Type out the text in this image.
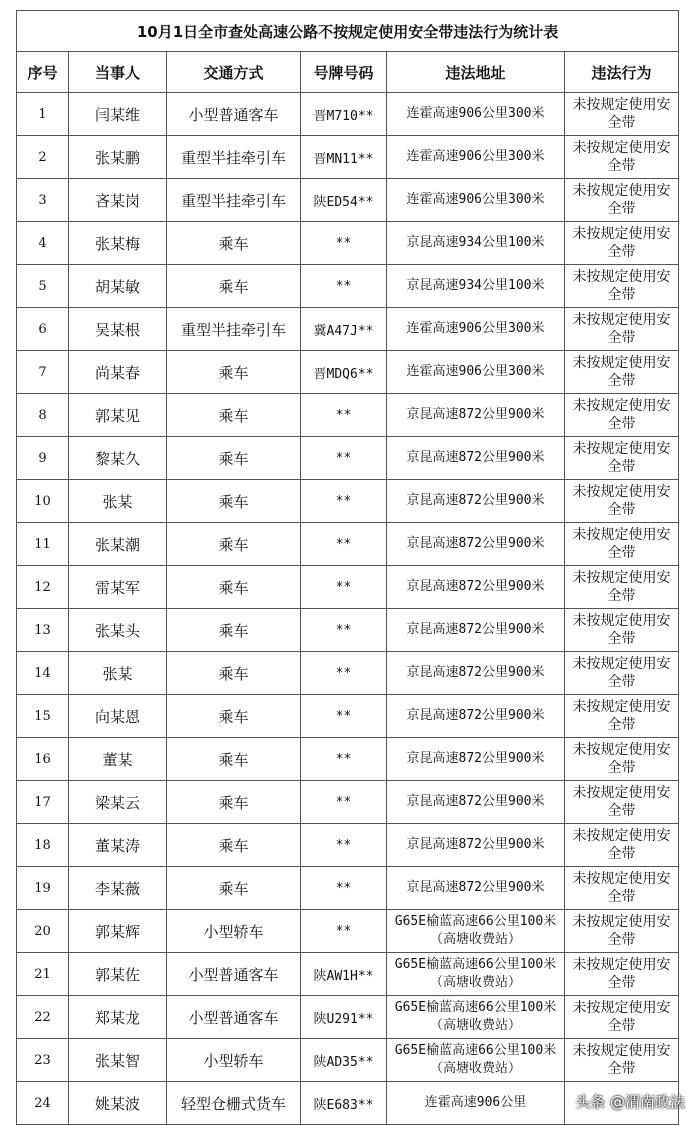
10月1日全市查处高速公路不按规定使用安全带违法行为统计表					
序号	当事人	交通方式	号牌号码	违法地址	违法行为
1	闫某维	小型普通客车	晋M710**	连霍高速906公里300米	未按规定使用安全带
2	张某鹏	重型半挂牵引车	晋MN11**	连霍高速906公里300米	未按规定使用安全带
3	吝某岗	重型半挂牵引车	陕ED54**	连霍高速906公里300米	未按规定使用安全带
4	张某梅	乘车	**	京昆高速934公里100米	未按规定使用安全带
5	胡某敏	乘车	**	京昆高速934公里100米	未按规定使用安全带
6	吴某根	重型半挂牵引车	冀A47J**	连霍高速906公里300米	未按规定使用安全带
7	尚某春	乘车	晋MDQ6**	连霍高速906公里300米	未按规定使用安全带
8	郭某见	乘车	**	京昆高速872公里900米	未按规定使用安全带
9	黎某久	乘车	**	京昆高速872公里900米	未按规定使用安全带
10	张某	乘车	**	京昆高速872公里900米	未按规定使用安全带
11	张某潮	乘车	**	京昆高速872公里900米	未按规定使用安全带
12	雷某军	乘车	**	京昆高速872公里900米	未按规定使用安全带
13	张某头	乘车	**	京昆高速872公里900米	未按规定使用安全带
14	张某	乘车	**	京昆高速872公里900米	未按规定使用安全带
15	向某恩	乘车	**	京昆高速872公里900米	未按规定使用安全带
16	董某	乘车	**	京昆高速872公里900米	未按规定使用安全带
17	梁某云	乘车	**	京昆高速872公里900米	未按规定使用安全带
18	董某涛	乘车	**	京昆高速872公里900米	未按规定使用安全带
19	李某薇	乘车	**	京昆高速872公里900米	未按规定使用安全带
20	郭某辉	小型轿车	**	G65E榆蓝高速66公里100米（高塘收费站）	未按规定使用安全带
21	郭某佐	小型普通客车	陕AW1H**	G65E榆蓝高速66公里100米（高塘收费站）	未按规定使用安全带
22	郑某龙	小型普通客车	陕U291**	G65E榆蓝高速66公里100米（高塘收费站）	未按规定使用安全带
23	张某智	小型轿车	陕AD35**	G65E榆蓝高速66公里100米（高塘收费站）	未按规定使用安全带
24	姚某波	轻型仓栅式货车	陕E683**	连霍高速906公里		头条 @渭南政法
